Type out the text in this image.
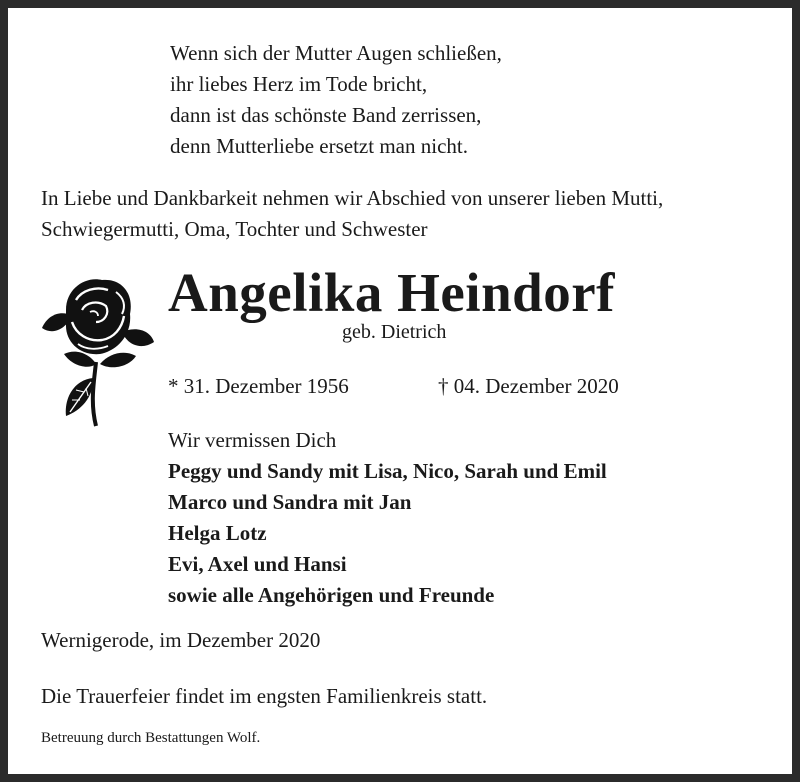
Wenn sich der Mutter Augen schließen,
ihr liebes Herz im Tode bricht,
dann ist das schönste Band zerrissen,
denn Mutterliebe ersetzt man nicht.
In Liebe und Dankbarkeit nehmen wir Abschied von unserer lieben Mutti,
Schwiegermutti, Oma, Tochter und Schwester
Angelika Heindorf
geb. Dietrich
* 31. Dezember 1956	† 04. Dezember 2020
Wir vermissen Dich
Peggy und Sandy mit Lisa, Nico, Sarah und Emil
Marco und Sandra mit Jan
Helga Lotz
Evi, Axel und Hansi
sowie alle Angehörigen und Freunde
Wernigerode, im Dezember 2020
Die Trauerfeier findet im engsten Familienkreis statt.
Betreuung durch Bestattungen Wolf.
